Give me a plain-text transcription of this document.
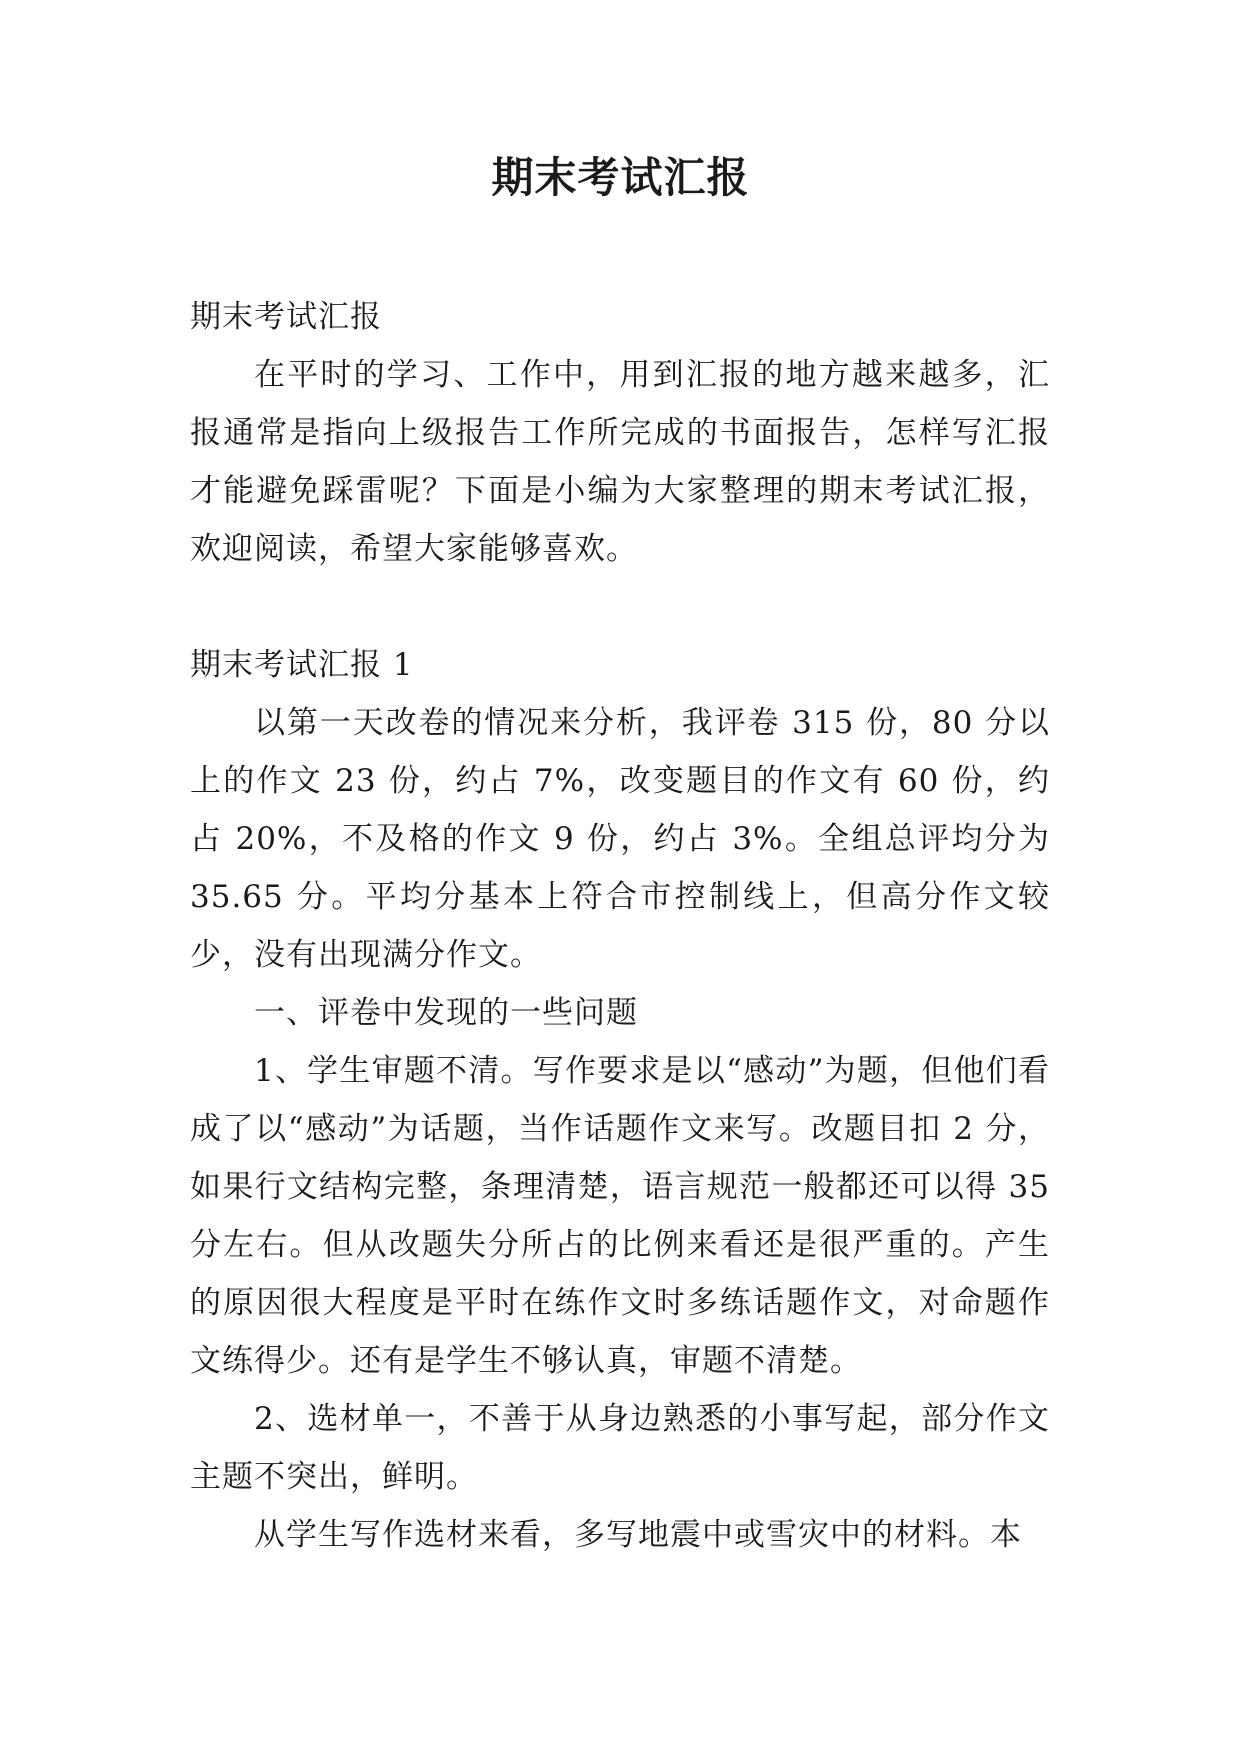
期末考试汇报

期末考试汇报

在平时的学习、工作中，用到汇报的地方越来越多，汇报通常是指向上级报告工作所完成的书面报告，怎样写汇报才能避免踩雷呢？下面是小编为大家整理的期末考试汇报，欢迎阅读，希望大家能够喜欢。

期末考试汇报 1

以第一天改卷的情况来分析，我评卷 315 份，80 分以上的作文 23 份，约占 7%，改变题目的作文有 60 份，约占 20%，不及格的作文 9 份，约占 3%。全组总评均分为 35.65 分。平均分基本上符合市控制线上，但高分作文较少，没有出现满分作文。

一、评卷中发现的一些问题

1、学生审题不清。写作要求是以“感动”为题，但他们看成了以“感动”为话题，当作话题作文来写。改题目扣 2 分，如果行文结构完整，条理清楚，语言规范一般都还可以得 35 分左右。但从改题失分所占的比例来看还是很严重的。产生的原因很大程度是平时在练作文时多练话题作文，对命题作文练得少。还有是学生不够认真，审题不清楚。

2、选材单一，不善于从身边熟悉的小事写起，部分作文主题不突出，鲜明。

从学生写作选材来看，多写地震中或雪灾中的材料。本
